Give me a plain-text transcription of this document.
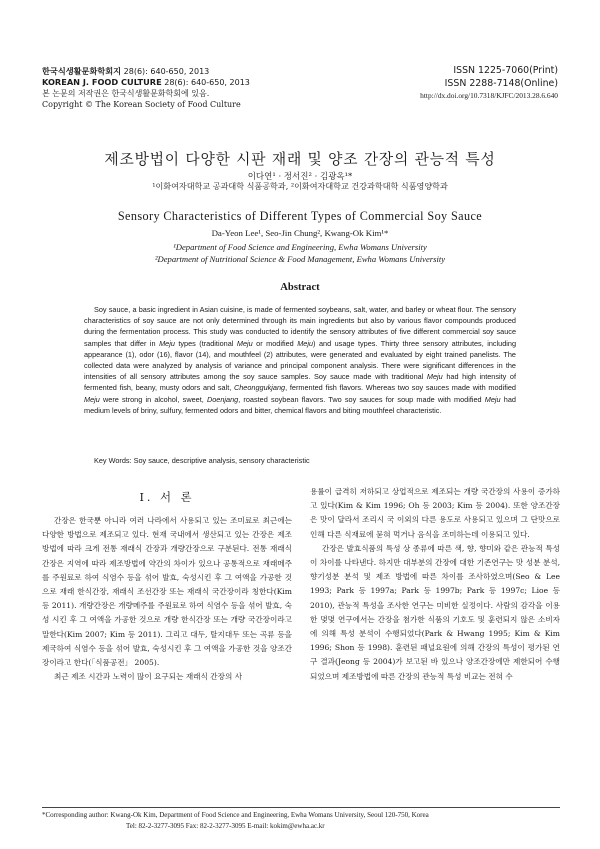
한국식생활문화학회지 28(6): 640-650, 2013
KOREAN J. FOOD CULTURE 28(6): 640-650, 2013
본 논문의 저작권은 한국식생활문화학회에 있음.
Copyright © The Korean Society of Food Culture
ISSN 1225-7060(Print)
ISSN 2288-7148(Online)
http://dx.doi.org/10.7318/KJFC/2013.28.6.640
제조방법이 다양한 시판 재래 및 양조 간장의 관능적 특성
이다연¹ · 정서진² · 김광옥¹*
¹이화여자대학교 공과대학 식품공학과, ²이화여자대학교 건강과학대학 식품영양학과
Sensory Characteristics of Different Types of Commercial Soy Sauce
Da-Yeon Lee¹, Seo-Jin Chung², Kwang-Ok Kim¹*
¹Department of Food Science and Engineering, Ewha Womans University
²Department of Nutritional Science & Food Management, Ewha Womans University
Abstract
Soy sauce, a basic ingredient in Asian cuisine, is made of fermented soybeans, salt, water, and barley or wheat flour. The sensory characteristics of soy sauce are not only determined through its main ingredients but also by various flavor compounds produced during the fermentation process. This study was conducted to identify the sensory attributes of five different commercial soy sauce samples that differ in Meju types (traditional Meju or modified Meju) and usage types. Thirty three sensory attributes, including appearance (1), odor (16), flavor (14), and mouthfeel (2) attributes, were generated and evaluated by eight trained panelists. The collected data were analyzed by analysis of variance and principal component analysis. There were significant differences in the intensities of all sensory attributes among the soy sauce samples. Soy sauce made with traditional Meju had high intensity of fermented fish, beany, musty odors and salt, Cheonggukjang, fermented fish flavors. Whereas two soy sauces made with modified Meju were strong in alcohol, sweet, Doenjang, roasted soybean flavors. Two soy sauces for soup made with modified Meju had medium levels of briny, sulfury, fermented odors and bitter, chemical flavors and biting mouthfeel characteristic.
Key Words: Soy sauce, descriptive analysis, sensory characteristic
I. 서 론

간장은 한국뿐 아니라 여러 나라에서 사용되고 있는 조미료로 최근에는 다양한 방법으로 제조되고 있다. 현재 국내에서 생산되고 있는 간장은 제조방법에 따라 크게 전통 재래식 간장과 개량간장으로 구분된다. 전통 재래식 간장은 지역에 따라 제조방법에 약간의 차이가 있으나 공통적으로 재래메주를 주원료로 하여 식염수 등을 섞어 발효, 숙성시킨 후 그 여액을 가공한 것으로 재래 한식간장, 재래식 조선간장 또는 재래식 국간장이라 칭한다(Kim 등 2011). 개량간장은 개량메주를 주원료로 하여 식염수 등을 섞어 발효, 숙성 시킨 후 그 여액을 가공한 것으로 개량 한식간장 또는 개량 국간장이라고 말한다(Kim 2007; Kim 등 2011). 그리고 대두, 탈지대두 또는 곡류 등을 제국하여 식염수 등을 섞어 발효, 숙성시킨 후 그 여액을 가공한 것을 양조간장이라고 한다(「식품공전」 2005).

최근 제조 시간과 노력이 많이 요구되는 재래식 간장의 사

용률이 급격히 저하되고 상업적으로 제조되는 개량 국간장의 사용이 증가하고 있다(Kim & Kim 1996; Oh 등 2003; Kim 등 2004). 또한 양조간장은 맛이 달라서 조리시 국 이외의 다른 용도로 사용되고 있으며 그 단맛으로 인해 다른 식재료에 묻혀 먹거나 음식을 조미하는데 이용되고 있다.

간장은 발효식품의 특성 상 종류에 따른 색, 향, 향미와 같은 관능적 특성이 차이를 나타낸다. 하지만 대부분의 간장에 대한 기존연구는 맛 성분 분석, 향기성분 분석 및 제조 방법에 따른 차이를 조사하였으며(Seo & Lee 1993; Park 등 1997a; Park 등 1997b; Park 등 1997c; Lioe 등 2010), 관능적 특성을 조사한 연구는 미비한 실정이다. 사람의 감각을 이용한 몇몇 연구에서는 간장을 첨가한 식품의 기호도 및 훈련되지 않은 소비자에 의해 특성 분석이 수행되었다(Park & Hwang 1995; Kim & Kim 1996; Shon 등 1998). 훈련된 패널요원에 의해 간장의 특성이 평가된 연구 결과(Jeong 등 2004)가 보고된 바 있으나 양조간장에만 제한되어 수행되었으며 제조방법에 따른 간장의 관능적 특성 비교는 전혀 수

*Corresponding author: Kwang-Ok Kim, Department of Food Science and Engineering, Ewha Womans University, Seoul 120-750, Korea
Tel: 82-2-3277-3095 Fax: 82-2-3277-3095 E-mail: kokim@ewha.ac.kr
